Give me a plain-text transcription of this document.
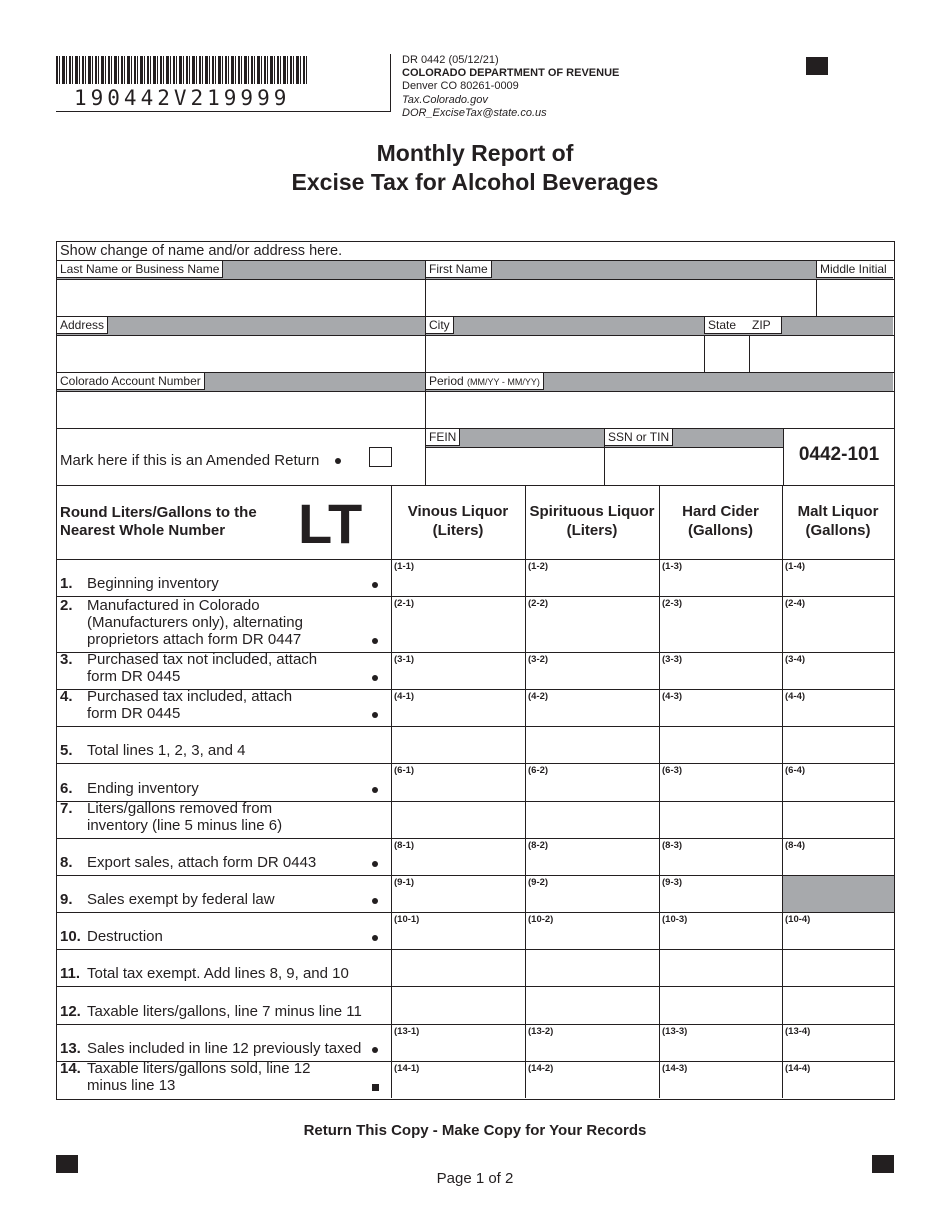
190442V219999
DR 0442 (05/12/21)
COLORADO DEPARTMENT OF REVENUE
Denver CO 80261-0009
Tax.Colorado.gov
DOR_ExciseTax@state.co.us
Monthly Report of
Excise Tax for Alcohol Beverages
Show change of name and/or address here.
Last Name or Business Name	First Name	Middle Initial
Address	City	State	ZIP
Colorado Account Number	Period (MM/YY - MM/YY)
FEIN	SSN or TIN
Mark here if this is an Amended Return	0442-101
Round Liters/Gallons to the
Nearest Whole Number	LT	Vinous Liquor
(Liters)
Spirituous Liquor
(Liters)
Hard Cider
(Gallons)
Malt Liquor
(Gallons)
1. Beginning inventory
(1-1)	(1-2)	(1-3)	(1-4)
2. Manufactured in Colorado
(Manufacturers only), alternating
proprietors attach form DR 0447
(2-1)	(2-2)	(2-3)	(2-4)
3. Purchased tax not included, attach
form DR 0445
(3-1)	(3-2)	(3-3)	(3-4)
4. Purchased tax included, attach
form DR 0445
(4-1)	(4-2)	(4-3)	(4-4)
5. Total lines 1, 2, 3, and 4
6. Ending inventory
(6-1)	(6-2)	(6-3)	(6-4)
7. Liters/gallons removed from
inventory (line 5 minus line 6)
8. Export sales, attach form DR 0443
(8-1)	(8-2)	(8-3)	(8-4)
9. Sales exempt by federal law
(9-1)	(9-2)	(9-3)
10. Destruction
(10-1)	(10-2)	(10-3)	(10-4)
11. Total tax exempt. Add lines 8, 9, and 10
12. Taxable liters/gallons, line 7 minus line 11
13. Sales included in line 12 previously taxed
(13-1)	(13-2)	(13-3)	(13-4)
14. Taxable liters/gallons sold, line 12
minus line 13
(14-1)	(14-2)	(14-3)	(14-4)
Return This Copy - Make Copy for Your Records
Page 1 of 2
